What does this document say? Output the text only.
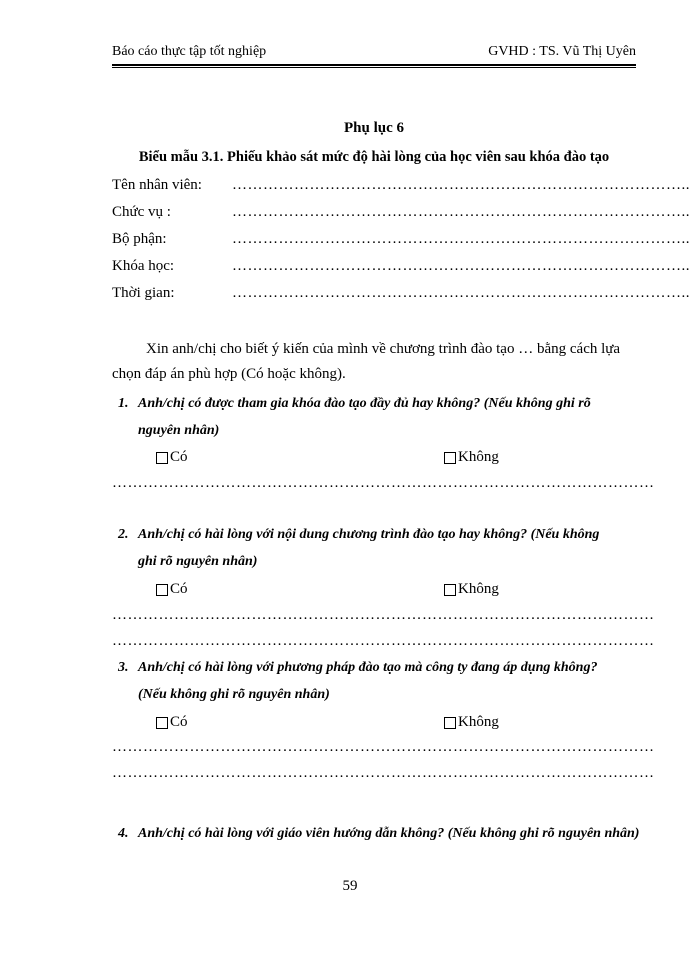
Báo cáo thực tập tốt nghiệp	GVHD : TS. Vũ Thị Uyên
Phụ lục 6
Biểu mẫu 3.1. Phiếu khảo sát mức độ hài lòng của học viên sau khóa đào tạo
Tên nhân viên: ……………………………………………………………………………..
Chức vụ :	……………………………………………………………………………..
Bộ phận:	……………………………………………………………………………..
Khóa học:	……………………………………………………………………………..
Thời gian:	……………………………………………………………………………..
Xin anh/chị cho biết ý kiến của mình về chương trình đào tạo … bằng cách lựa
chọn đáp án phù hợp (Có hoặc không).
1. Anh/chị có được tham gia khóa đào tạo đầy đủ hay không? (Nếu không ghi rõ
nguyên nhân)
Có	Không
……………………………………………………………………………………………
2. Anh/chị có hài lòng với nội dung chương trình đào tạo hay không? (Nếu không
ghi rõ nguyên nhân)
Có	Không
……………………………………………………………………………………………
……………………………………………………………………………………………
3. Anh/chị có hài lòng với phương pháp đào tạo mà công ty đang áp dụng không?
(Nếu không ghi rõ nguyên nhân)
Có	Không
……………………………………………………………………………………………
……………………………………………………………………………………………
4. Anh/chị có hài lòng với giáo viên hướng dẫn không? (Nếu không ghi rõ nguyên nhân)
59
